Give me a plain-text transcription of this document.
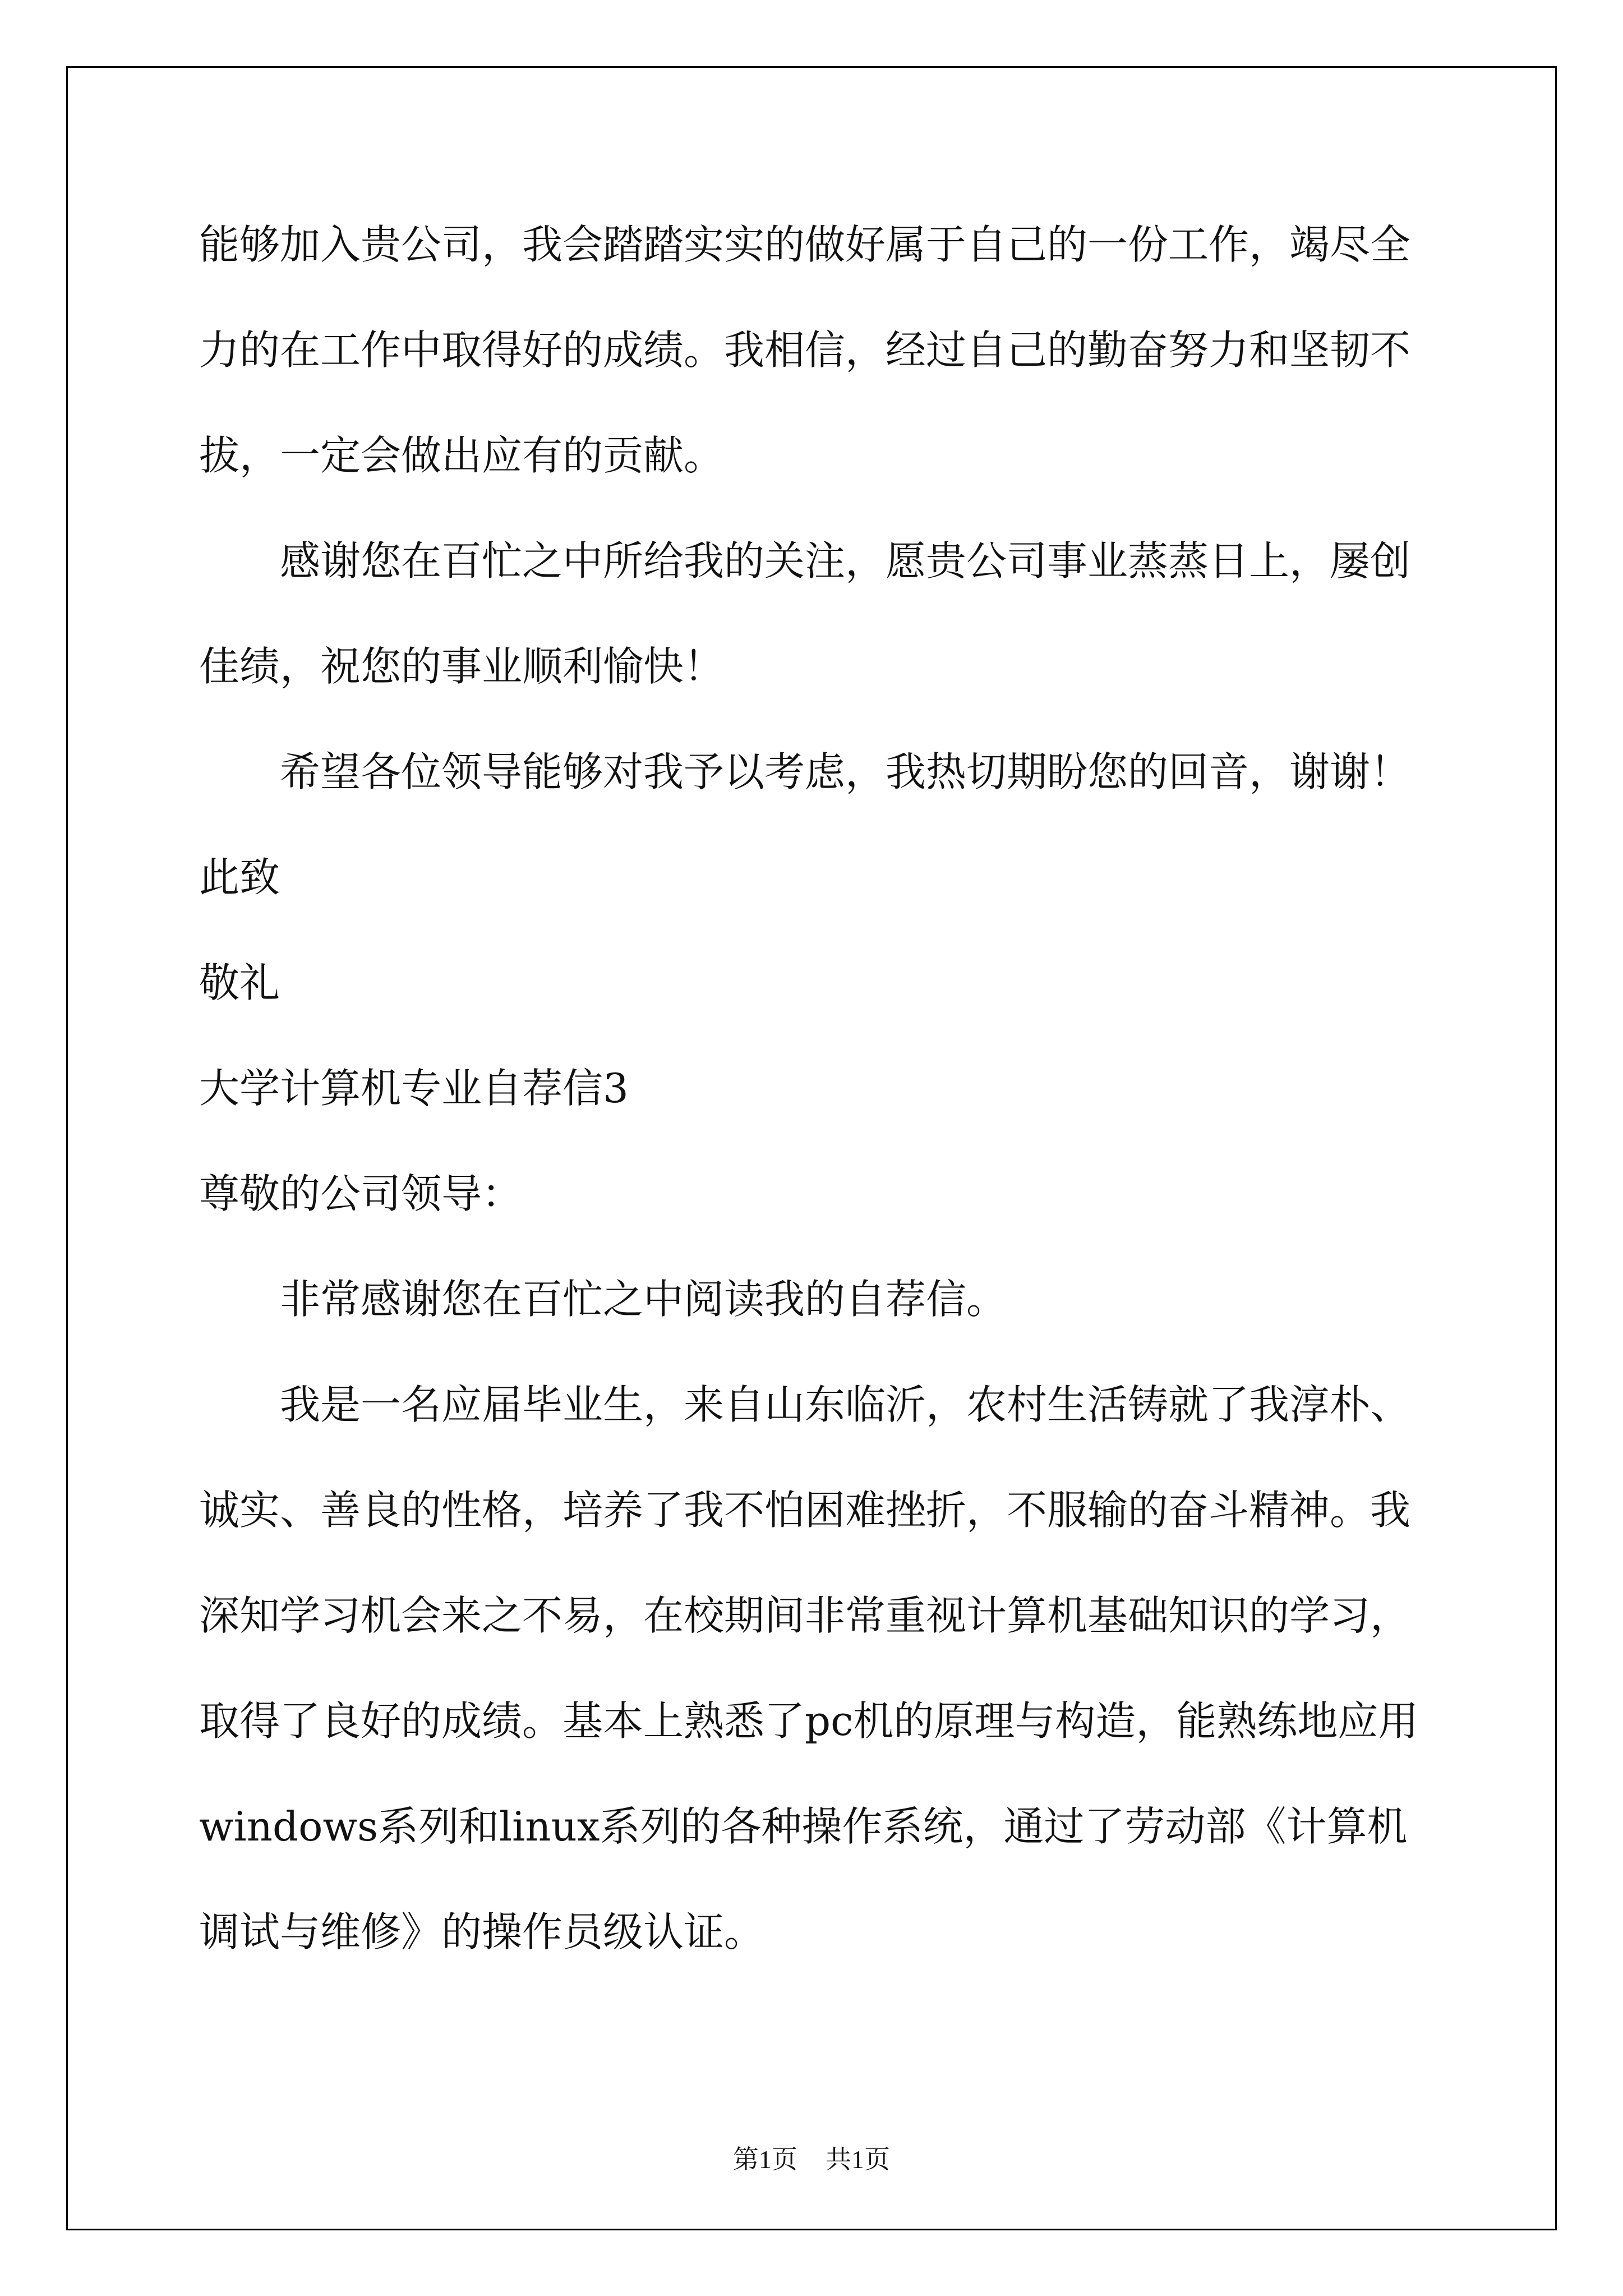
能够加入贵公司，我会踏踏实实的做好属于自己的一份工作，竭尽全
力的在工作中取得好的成绩。我相信，经过自己的勤奋努力和坚韧不
拔，一定会做出应有的贡献。
感谢您在百忙之中所给我的关注，愿贵公司事业蒸蒸日上，屡创
佳绩，祝您的事业顺利愉快！
希望各位领导能够对我予以考虑，我热切期盼您的回音，谢谢！
此致
敬礼
大学计算机专业自荐信3
尊敬的公司领导：
非常感谢您在百忙之中阅读我的自荐信。
我是一名应届毕业生，来自山东临沂，农村生活铸就了我淳朴、
诚实、善良的性格，培养了我不怕困难挫折，不服输的奋斗精神。我
深知学习机会来之不易，在校期间非常重视计算机基础知识的学习，
取得了良好的成绩。基本上熟悉了pc机的原理与构造，能熟练地应用
windows系列和linux系列的各种操作系统，通过了劳动部《计算机
调试与维修》的操作员级认证。
第1页 共1页
